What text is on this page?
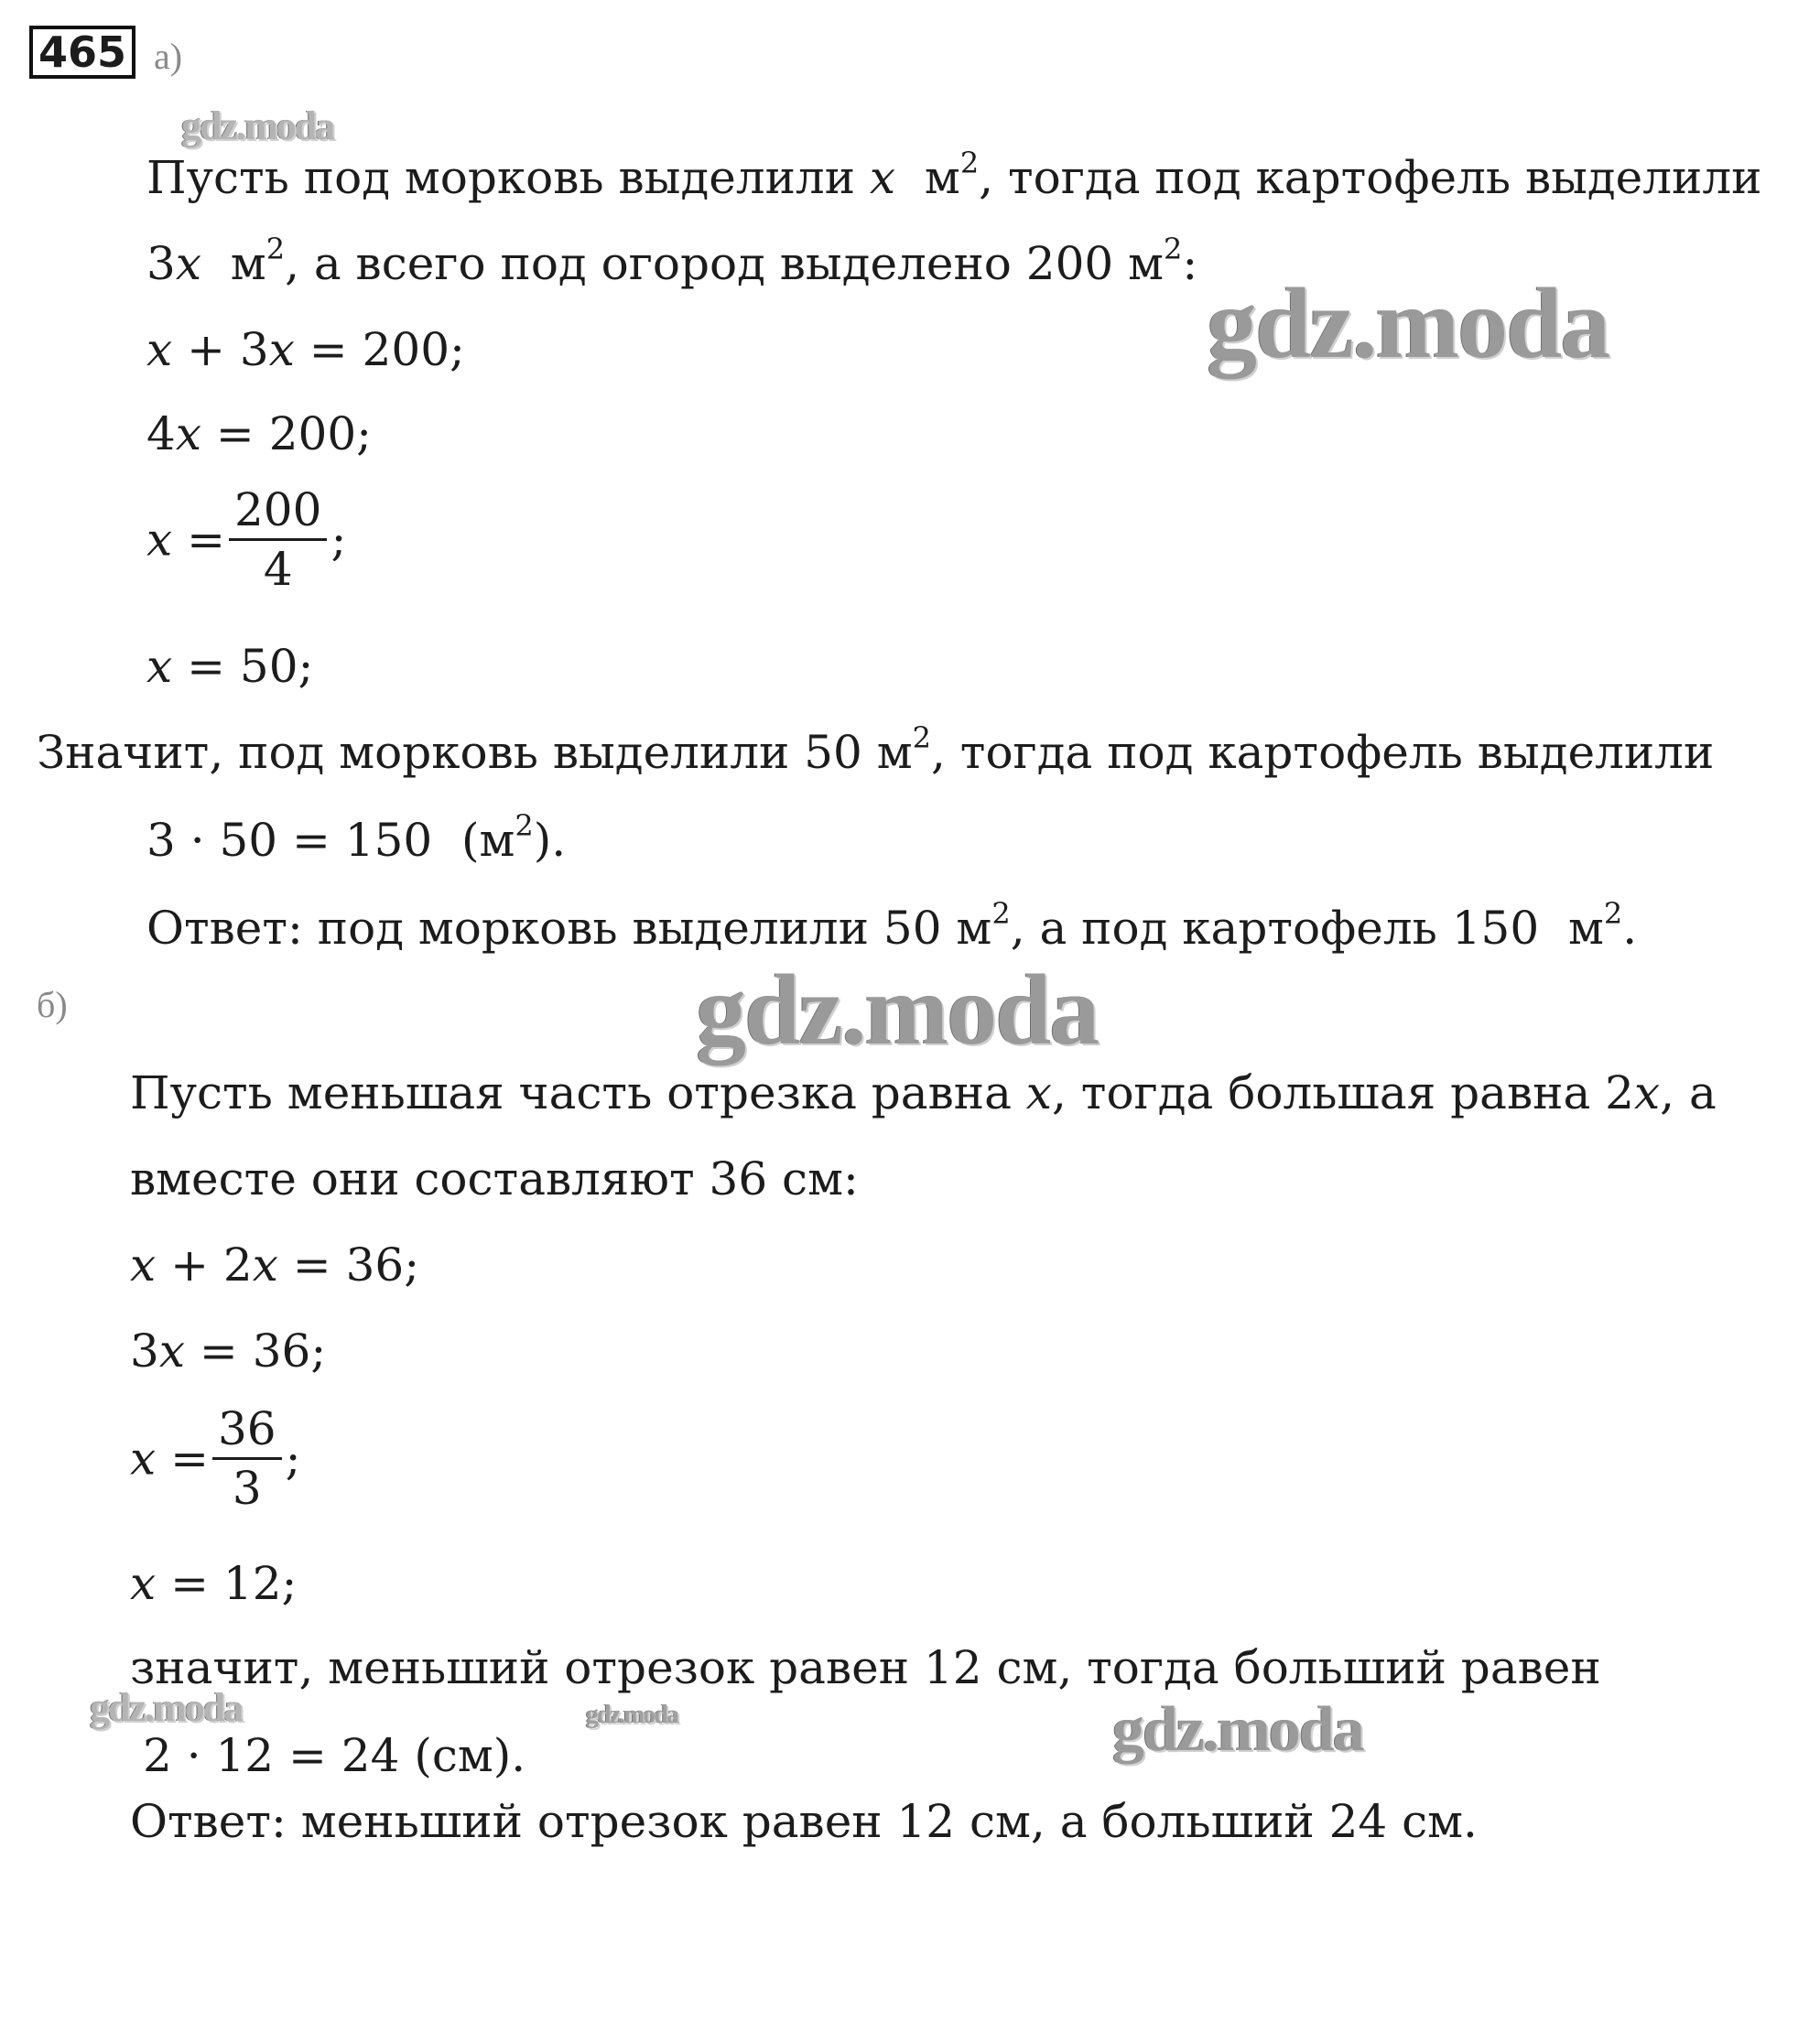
465 а)
gdz.moda
gdz.moda
gdz.moda
gdz.moda	gdz.moda	gdz.moda
Пусть под морковь выделили x  $м^2$, тогда под картофель выделили
3x  $м^2$, а всего под огород выделено 200 $м^2$:
x + 3x = 200;
4x = 200;
$x = \frac{200}{4}$ ;
x = 50;
Значит, под морковь выделили 50 $м^2$, тогда под картофель выделили
3 · 50 = 150  $(м^2)$.
Ответ: под морковь выделили 50 $м^2$, а под картофель 150  $м^2$.
б)
Пусть меньшая часть отрезка равна x, тогда большая равна 2x, а
вместе они составляют 36 см:
x + 2x = 36;
3x = 36;
$x = \frac{36}{3}$ ;
x = 12;
значит, меньший отрезок равен 12 см, тогда больший равен
2 · 12 = 24 (см).
Ответ: меньший отрезок равен 12 см, а больший 24 см.
